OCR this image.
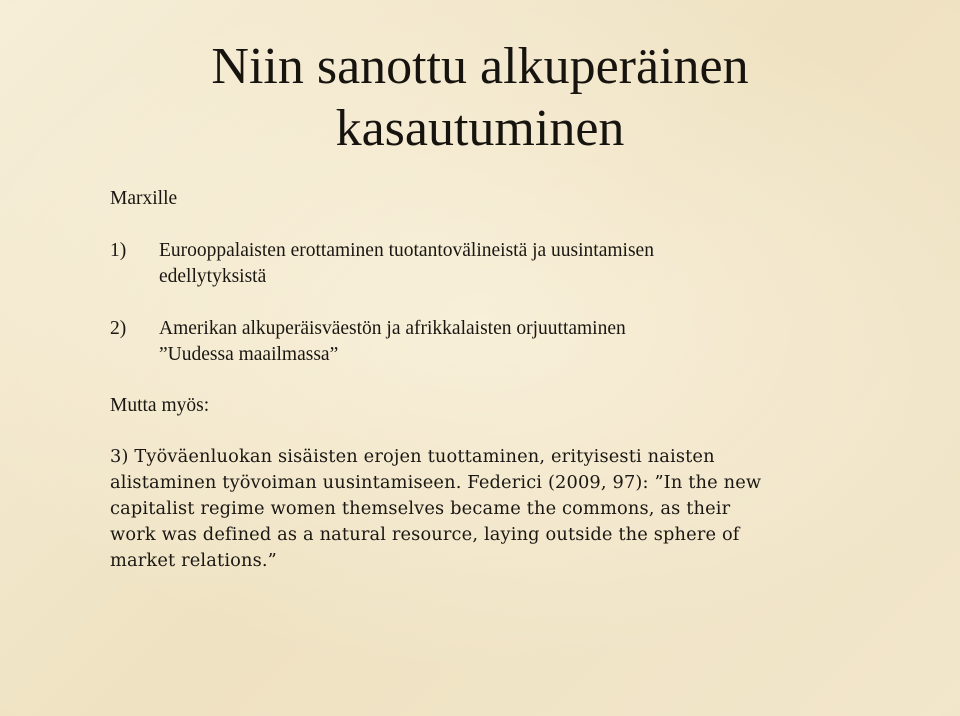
Niin sanottu alkuperäinen
kasautuminen

Marxille

1) Eurooppalaisten erottaminen tuotantovälineistä ja uusintamisen
edellytyksistä
2) Amerikan alkuperäisväestön ja afrikkalaisten orjuuttaminen
”Uudessa maailmassa”

Mutta myös:

3) Työväenluokan sisäisten erojen tuottaminen, erityisesti naisten
alistaminen työvoiman uusintamiseen. Federici (2009, 97): ”In the new
capitalist regime women themselves became the commons, as their
work was defined as a natural resource, laying outside the sphere of
market relations.”
